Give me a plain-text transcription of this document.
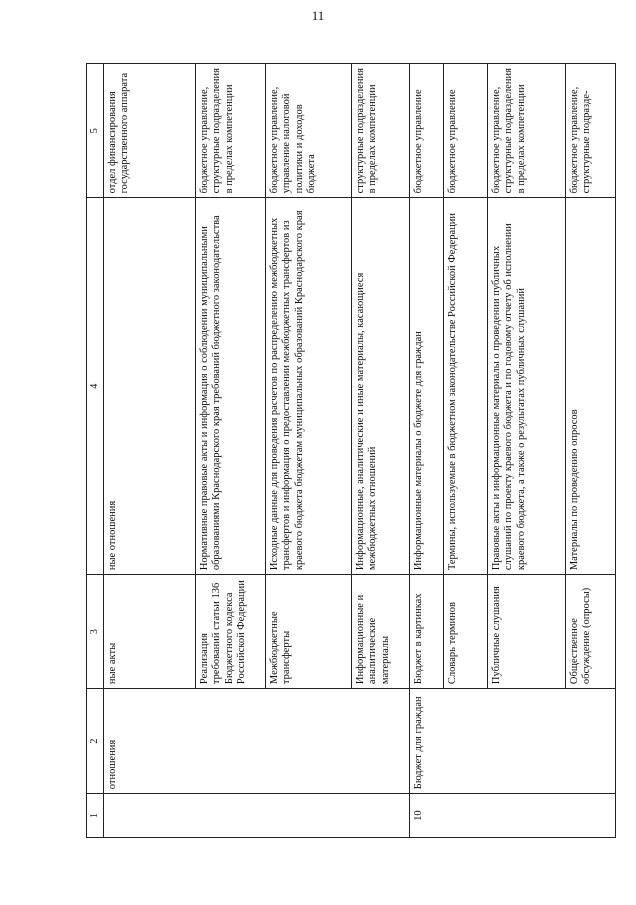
11
1	2	3	4	5
	отношения	ные акты	ные отношения	отдел финансирования государственного аппарата
		Реализация требований статьи 136 Бюджетного кодекса Российской Федерации	Нормативные правовые акты и информация о соблюдении муниципальными образованиями Краснодарского края требований бюджетного законодательства	бюджетное управление, структурные подразделения в пределах компетенции
		Межбюджетные трансферты	Исходные данные для проведения расчетов по распределению межбюджетных трансфертов и информация о предоставлении межбюджетных трансфертов из краевого бюджета бюджетам муниципальных образований Краснодарского края	бюджетное управление, управление налоговой политики и доходов бюджета
		Информационные и аналитические материалы	Информационные, аналитические и иные материалы, касающиеся межбюджетных отношений	структурные подразделения в пределах компетенции
10	Бюджет для граждан	Бюджет в картинках	Информационные материалы о бюджете для граждан	бюджетное управление
		Словарь терминов	Термины, используемые в бюджетном законодательстве Российской Федерации	бюджетное управление
		Публичные слушания	Правовые акты и информационные материалы о проведении публичных слушаний по проекту краевого бюджета и по годовому отчету об исполнении краевого бюджета, а также о результатах публичных слушаний	бюджетное управление, структурные подразделения в пределах компетенции
		Общественное обсуждение (опросы)	Материалы по проведению опросов	бюджетное управление, структурные подразде-
